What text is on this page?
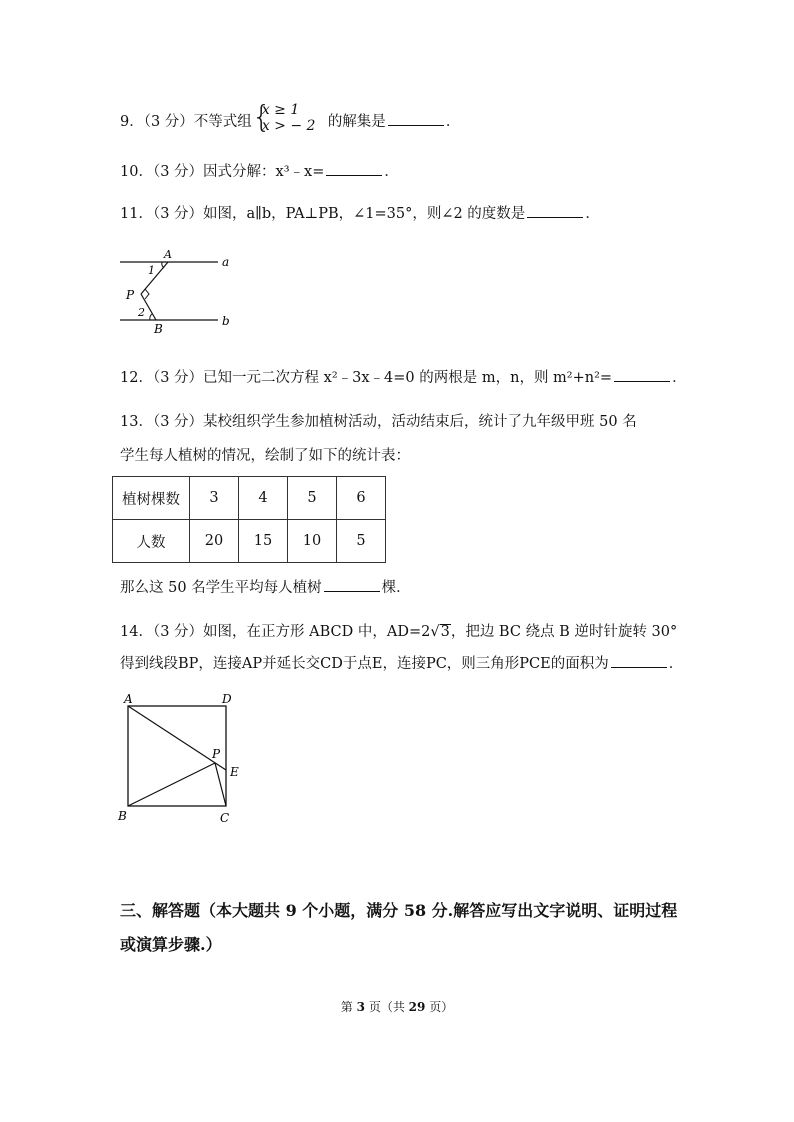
9．（3 分）不等式组 {
x ≥ 1
x > − 2 的解集是	．
10．（3 分）因式分解：x³﹣x=	．
11．（3 分）如图，a∥b，PA⊥PB，∠1=35°，则∠2 的度数是	．
A
a
1
P
2
B
b
12．（3 分）已知一元二次方程 x²﹣3x﹣4=0 的两根是 m，n，则 m²+n²=	．
13．（3 分）某校组织学生参加植树活动，活动结束后，统计了九年级甲班 50 名
学生每人植树的情况，绘制了如下的统计表：
植树棵数	3	4	5	6
人数	20	15	10	5
那么这 50 名学生平均每人植树	棵．
14．（3 分）如图，在正方形 ABCD 中，AD=2√3，把边 BC 绕点 B 逆时针旋转 30°
得到线段BP，连接AP并延长交CD于点E，连接PC，则三角形PCE的面积为	．
A	D
P
E
B	C
三、解答题（本大题共 9 个小题，满分 58 分.解答应写出文字说明、证明过程
或演算步骤.）
第 3 页（共 29 页）
